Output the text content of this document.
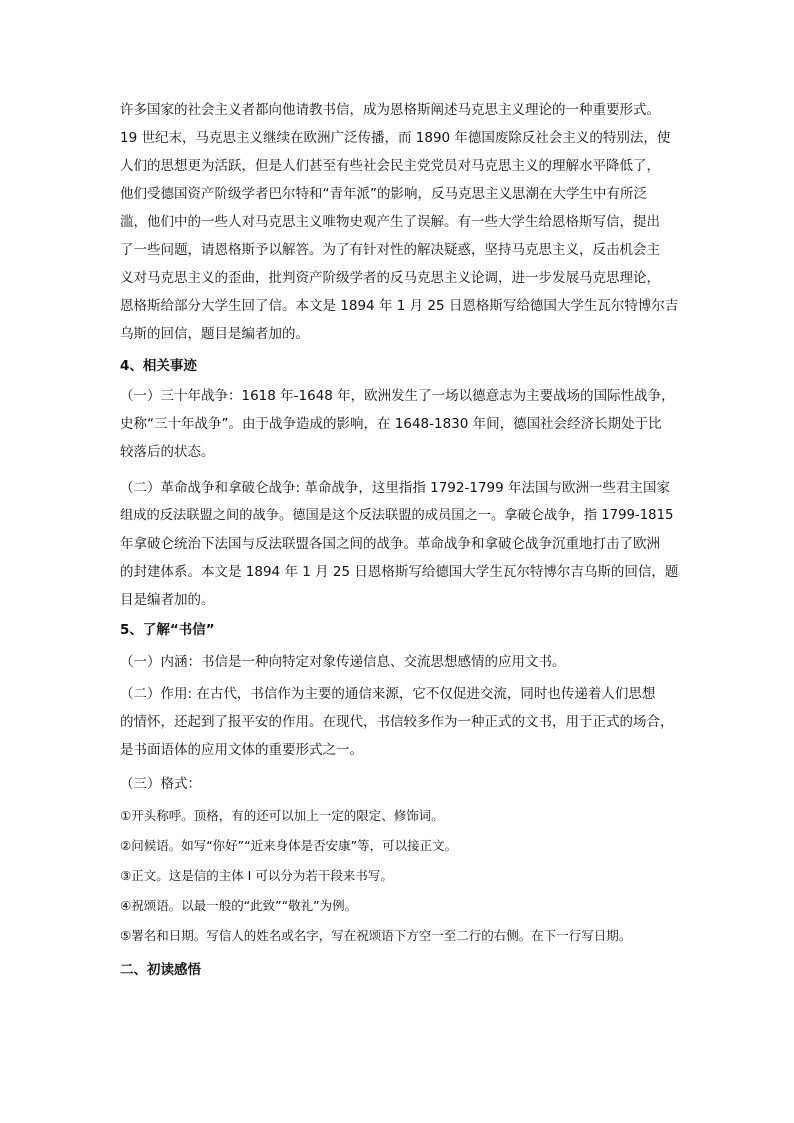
许多国家的社会主义者都向他请教书信，成为恩格斯阐述马克思主义理论的一种重要形式。
19 世纪末，马克思主义继续在欧洲广泛传播，而 1890 年德国废除反社会主义的特别法，使
人们的思想更为活跃，但是人们甚至有些社会民主党党员对马克思主义的理解水平降低了，
他们受德国资产阶级学者巴尔特和“青年派”的影响，反马克思主义思潮在大学生中有所泛
滥，他们中的一些人对马克思主义唯物史观产生了误解。有一些大学生给恩格斯写信，提出
了一些问题，请恩格斯予以解答。为了有针对性的解决疑惑，坚持马克思主义，反击机会主
义对马克思主义的歪曲，批判资产阶级学者的反马克思主义论调，进一步发展马克思理论，
恩格斯给部分大学生回了信。本文是 1894 年 1 月 25 日恩格斯写给德国大学生瓦尔特博尔吉
乌斯的回信，题目是编者加的。
4、相关事迹
（一）三十年战争：1618 年-1648 年，欧洲发生了一场以德意志为主要战场的国际性战争，
史称“三十年战争”。由于战争造成的影响，在 1648-1830 年间，德国社会经济长期处于比
较落后的状态。
（二）革命战争和拿破仑战争: 革命战争，这里指指 1792-1799 年法国与欧洲一些君主国家
组成的反法联盟之间的战争。德国是这个反法联盟的成员国之一。拿破仑战争，指 1799-1815
年拿破仑统治下法国与反法联盟各国之间的战争。革命战争和拿破仑战争沉重地打击了欧洲
的封建体系。本文是 1894 年 1 月 25 日恩格斯写给德国大学生瓦尔特博尔吉乌斯的回信，题
目是编者加的。
5、了解“书信”
（一）内涵：书信是一种向特定对象传递信息、交流思想感情的应用文书。
（二）作用: 在古代，书信作为主要的通信来源，它不仅促进交流，同时也传递着人们思想
的情怀，还起到了报平安的作用。在现代，书信较多作为一种正式的文书，用于正式的场合，
是书面语体的应用文体的重要形式之一。
（三）格式：
①开头称呼。顶格，有的还可以加上一定的限定、修饰词。
②问候语。如写“你好”“近来身体是否安康”等，可以接正文。
③正文。这是信的主体 I 可以分为若干段来书写。
④祝颂语。以最一般的“此致”“敬礼”为例。
⑤署名和日期。写信人的姓名或名字，写在祝颂语下方空一至二行的右侧。在下一行写日期。
二、初读感悟
